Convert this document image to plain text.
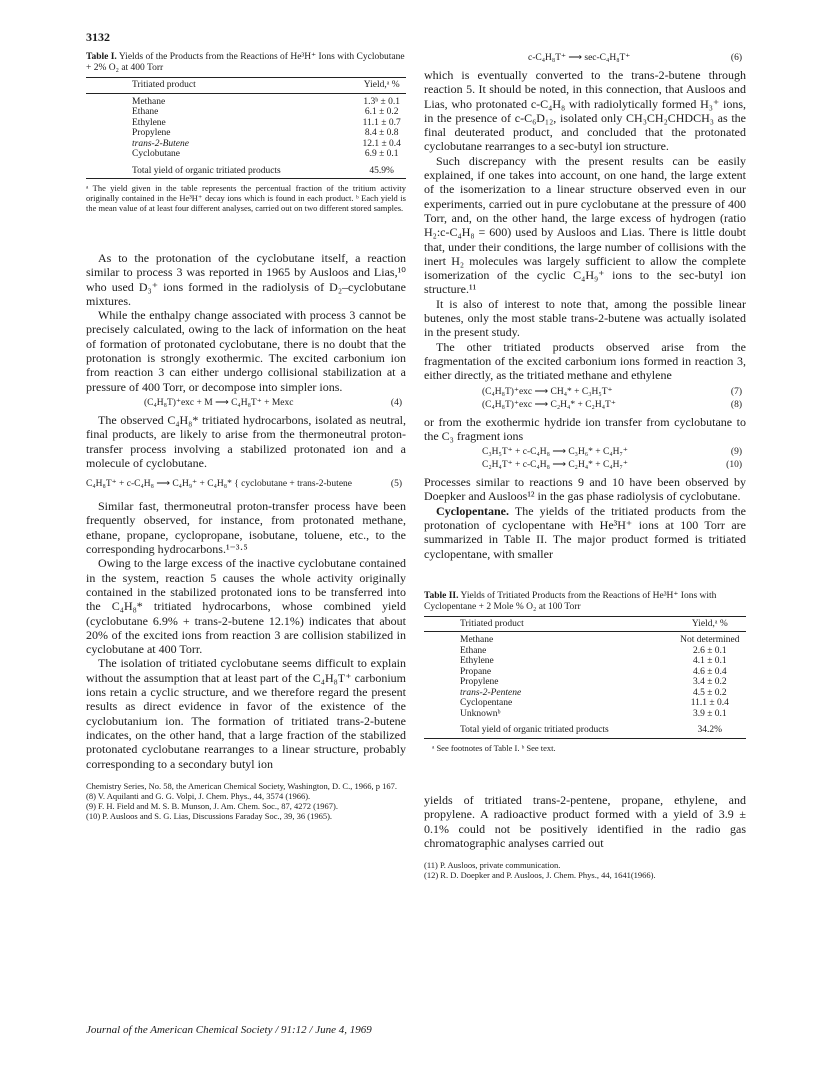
3132
Table I. Yields of the Products from the Reactions of He³H⁺ Ions with Cyclobutane + 2% O₂ at 400 Torr
Tritiated product	Yield,ᵃ %
Methane	1.3ᵇ ± 0.1
Ethane	6.1 ± 0.2
Ethylene	11.1 ± 0.7
Propylene	8.4 ± 0.8
trans-2-Butene	12.1 ± 0.4
Cyclobutane	6.9 ± 0.1
Total yield of organic tritiated products	45.9%
ᵃ The yield given in the table represents the percentual fraction of the tritium activity originally contained in the He³H⁺ decay ions which is found in each product. ᵇ Each yield is the mean value of at least four different analyses, carried out on two different stored samples.

As to the protonation of the cyclobutane itself, a reaction similar to process 3 was reported in 1965 by Ausloos and Lias,¹⁰ who used D₃⁺ ions formed in the radiolysis of D₂–cyclobutane mixtures.

While the enthalpy change associated with process 3 cannot be precisely calculated, owing to the lack of information on the heat of formation of protonated cyclobutane, there is no doubt that the protonation is strongly exothermic. The excited carbonium ion from reaction 3 can either undergo collisional stabilization at a pressure of 400 Torr, or decompose into simpler ions.

(C₄H₈T)⁺exc + M ⟶ C₄H₈T⁺ + Mexc	(4)

The observed C₄H₈* tritiated hydrocarbons, isolated as neutral, final products, are likely to arise from the thermoneutral proton-transfer process involving a stabilized protonated ion and a molecule of cyclobutane.

C₄H₈T⁺ + c-C₄H₈ ⟶ C₄H₉⁺ + C₄H₈* { cyclobutane + trans-2-butene	(5)

Similar fast, thermoneutral proton-transfer process have been frequently observed, for instance, from protonated methane, ethane, propane, cyclopropane, isobutane, toluene, etc., to the corresponding hydrocarbons.¹⁻³·⁵

Owing to the large excess of the inactive cyclobutane contained in the system, reaction 5 causes the whole activity originally contained in the stabilized protonated ions to be transferred into the C₄H₈* tritiated hydrocarbons, whose combined yield (cyclobutane 6.9% + trans-2-butene 12.1%) indicates that about 20% of the excited ions from reaction 3 are collision stabilized in cyclobutane at 400 Torr.

The isolation of tritiated cyclobutane seems difficult to explain without the assumption that at least part of the C₄H₈T⁺ carbonium ions retain a cyclic structure, and we therefore regard the present results as direct evidence in favor of the existence of the cyclobutanium ion. The formation of tritiated trans-2-butene indicates, on the other hand, that a large fraction of the stabilized protonated cyclobutane rearranges to a linear structure, probably corresponding to a secondary butyl ion

Chemistry Series, No. 58, the American Chemical Society, Washington, D. C., 1966, p 167.
(8) V. Aquilanti and G. G. Volpi, J. Chem. Phys., 44, 3574 (1966).
(9) F. H. Field and M. S. B. Munson, J. Am. Chem. Soc., 87, 4272 (1967).
(10) P. Ausloos and S. G. Lias, Discussions Faraday Soc., 39, 36 (1965).
c-C₄H₈T⁺ ⟶ sec-C₄H₈T⁺	(6)

which is eventually converted to the trans-2-butene through reaction 5. It should be noted, in this connection, that Ausloos and Lias, who protonated c-C₄H₈ with radiolytically formed H₃⁺ ions, in the presence of c-C₆D₁₂, isolated only CH₃CH₂CHDCH₃ as the final deuterated product, and concluded that the protonated cyclobutane rearranges to a sec-butyl ion structure.

Such discrepancy with the present results can be easily explained, if one takes into account, on one hand, the large extent of the isomerization to a linear structure observed even in our experiments, carried out in pure cyclobutane at the pressure of 400 Torr, and, on the other hand, the large excess of hydrogen (ratio H₂:c-C₄H₈ = 600) used by Ausloos and Lias. There is little doubt that, under their conditions, the large number of collisions with the inert H₂ molecules was largely sufficient to allow the complete isomerization of the cyclic C₄H₉⁺ ions to the sec-butyl ion structure.¹¹

It is also of interest to note that, among the possible linear butenes, only the most stable trans-2-butene was actually isolated in the present study.

The other tritiated products observed arise from the fragmentation of the excited carbonium ions formed in reaction 3, either directly, as the tritiated methane and ethylene

(C₄H₈T)⁺exc ⟶ CH₄* + C₃H₅T⁺	(7)
(C₄H₈T)⁺exc ⟶ C₂H₄* + C₂H₄T⁺	(8)

or from the exothermic hydride ion transfer from cyclobutane to the C₃ fragment ions

C₃H₅T⁺ + c-C₄H₈ ⟶ C₃H₆* + C₄H₇⁺	(9)
C₂H₄T⁺ + c-C₄H₈ ⟶ C₂H₄* + C₄H₇⁺	(10)

Processes similar to reactions 9 and 10 have been observed by Doepker and Ausloos¹² in the gas phase radiolysis of cyclobutane.

Cyclopentane. The yields of the tritiated products from the protonation of cyclopentane with He³H⁺ ions at 100 Torr are summarized in Table II. The major product formed is tritiated cyclopentane, with smaller

Table II. Yields of Tritiated Products from the Reactions of He³H⁺ Ions with Cyclopentane + 2 Mole % O₂ at 100 Torr
Tritiated product	Yield,ᵃ %
Methane	Not determined
Ethane	2.6 ± 0.1
Ethylene	4.1 ± 0.1
Propane	4.6 ± 0.4
Propylene	3.4 ± 0.2
trans-2-Pentene	4.5 ± 0.2
Cyclopentane	11.1 ± 0.4
Unknownᵇ	3.9 ± 0.1
Total yield of organic tritiated products	34.2%
ᵃ See footnotes of Table I. ᵇ See text.

yields of tritiated trans-2-pentene, propane, ethylene, and propylene. A radioactive product formed with a yield of 3.9 ± 0.1% could not be positively identified in the radio gas chromatographic analyses carried out

(11) P. Ausloos, private communication.
(12) R. D. Doepker and P. Ausloos, J. Chem. Phys., 44, 1641(1966).
Journal of the American Chemical Society / 91:12 / June 4, 1969
